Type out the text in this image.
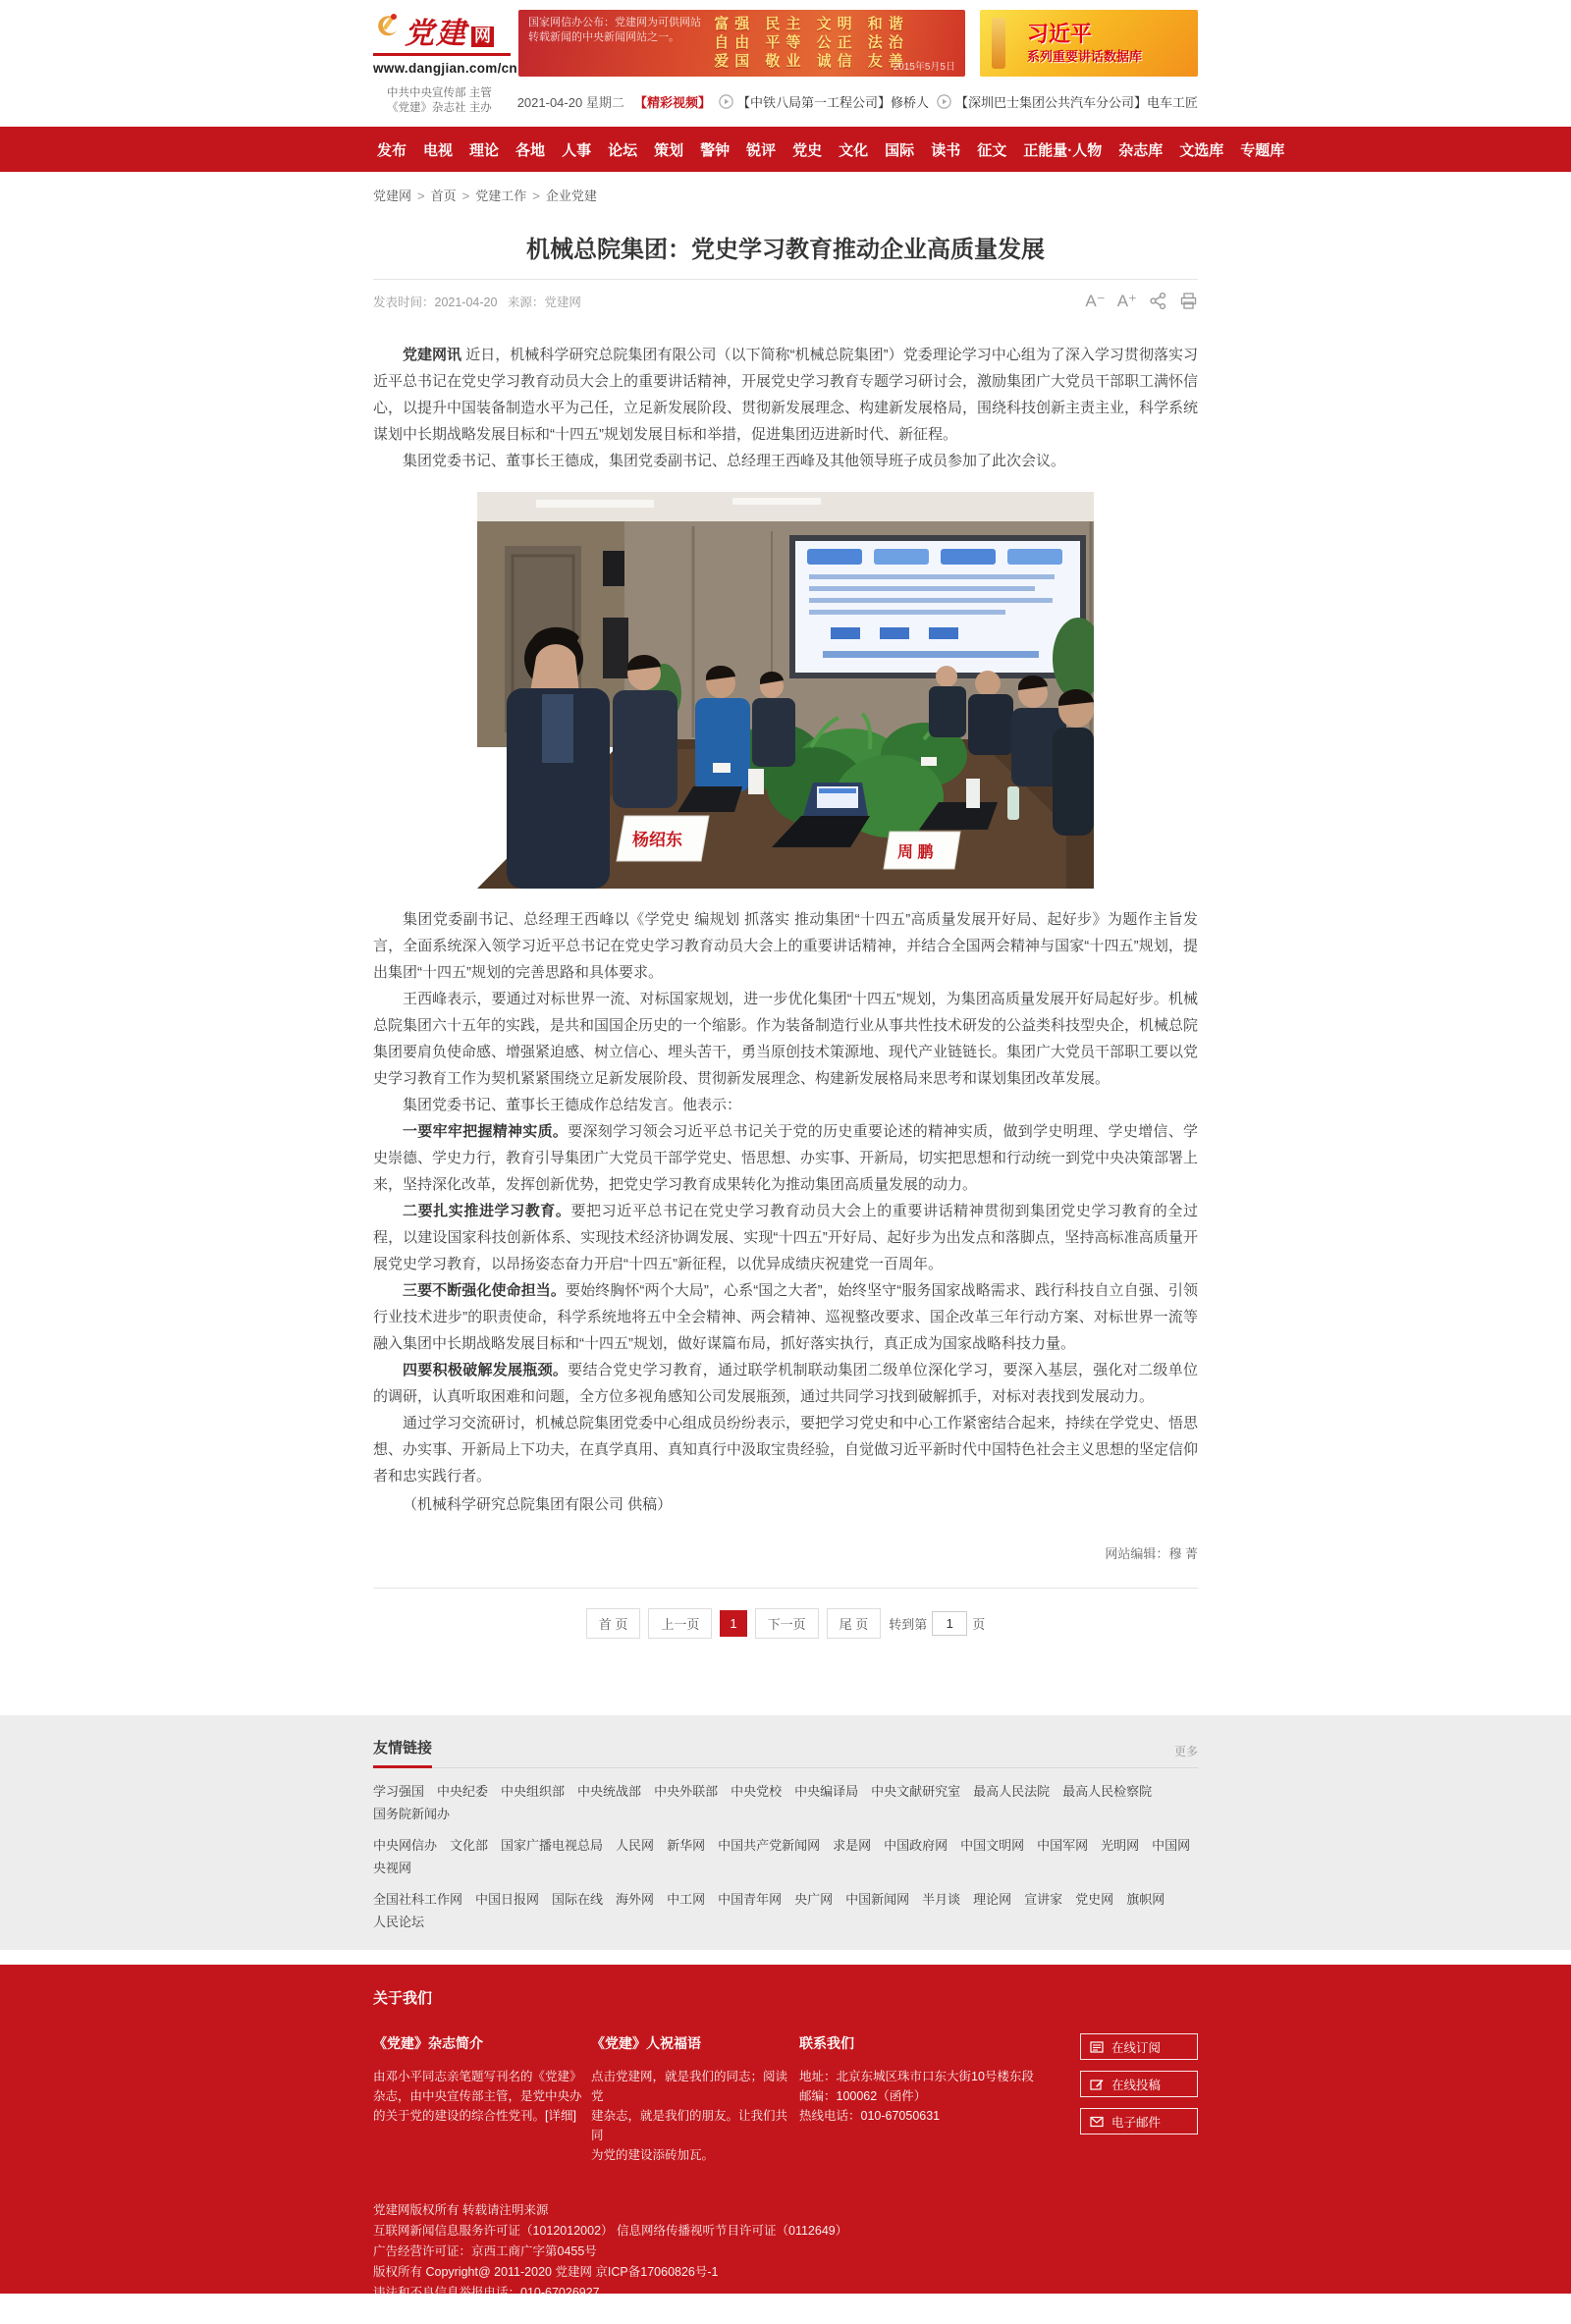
党建 网
www.dangjian.com/cn
国家网信办公布：党建网为可供网站
转载新闻的中央新闻网站之一。
富强 民主 文明 和谐
自由 平等 公正 法治
爱国 敬业 诚信 友善
2015年5月5日
习近平
系列重要讲话数据库
中共中央宣传部 主管
《党建》杂志社 主办 2021-04-20 星期二 【精彩视频】 【中铁八局第一工程公司】修桥人 【深圳巴士集团公共汽车分公司】电车工匠
发布 电视 理论 各地 人事 论坛 策划 警钟 锐评 党史 文化 国际 读书 征文 正能量·人物 杂志库 文选库 专题库
党建网 > 首页 > 党建工作 > 企业党建
机械总院集团：党史学习教育推动企业高质量发展
发表时间：2021-04-20 来源：党建网	A⁻ A⁺

党建网讯 近日，机械科学研究总院集团有限公司（以下简称“机械总院集团”）党委理论学习中心组为了深入学习贯彻落实习近平总书记在党史学习教育动员大会上的重要讲话精神，开展党史学习教育专题学习研讨会，激励集团广大党员干部职工满怀信心，以提升中国装备制造水平为己任，立足新发展阶段、贯彻新发展理念、构建新发展格局，围绕科技创新主责主业，科学系统谋划中长期战略发展目标和“十四五”规划发展目标和举措，促进集团迈进新时代、新征程。

集团党委书记、董事长王德成，集团党委副书记、总经理王西峰及其他领导班子成员参加了此次会议。

杨绍东
周 鹏

集团党委副书记、总经理王西峰以《学党史 编规划 抓落实 推动集团“十四五”高质量发展开好局、起好步》为题作主旨发言，全面系统深入领学习近平总书记在党史学习教育动员大会上的重要讲话精神，并结合全国两会精神与国家“十四五”规划，提出集团“十四五”规划的完善思路和具体要求。

王西峰表示，要通过对标世界一流、对标国家规划，进一步优化集团“十四五”规划，为集团高质量发展开好局起好步。机械总院集团六十五年的实践，是共和国国企历史的一个缩影。作为装备制造行业从事共性技术研发的公益类科技型央企，机械总院集团要肩负使命感、增强紧迫感、树立信心、埋头苦干，勇当原创技术策源地、现代产业链链长。集团广大党员干部职工要以党史学习教育工作为契机紧紧围绕立足新发展阶段、贯彻新发展理念、构建新发展格局来思考和谋划集团改革发展。

集团党委书记、董事长王德成作总结发言。他表示：

一要牢牢把握精神实质。要深刻学习领会习近平总书记关于党的历史重要论述的精神实质，做到学史明理、学史增信、学史崇德、学史力行，教育引导集团广大党员干部学党史、悟思想、办实事、开新局，切实把思想和行动统一到党中央决策部署上来，坚持深化改革，发挥创新优势，把党史学习教育成果转化为推动集团高质量发展的动力。

二要扎实推进学习教育。要把习近平总书记在党史学习教育动员大会上的重要讲话精神贯彻到集团党史学习教育的全过程，以建设国家科技创新体系、实现技术经济协调发展、实现“十四五”开好局、起好步为出发点和落脚点，坚持高标准高质量开展党史学习教育，以昂扬姿态奋力开启“十四五”新征程，以优异成绩庆祝建党一百周年。

三要不断强化使命担当。要始终胸怀“两个大局”，心系“国之大者”，始终坚守“服务国家战略需求、践行科技自立自强、引领行业技术进步”的职责使命，科学系统地将五中全会精神、两会精神、巡视整改要求、国企改革三年行动方案、对标世界一流等融入集团中长期战略发展目标和“十四五”规划，做好谋篇布局，抓好落实执行，真正成为国家战略科技力量。

四要积极破解发展瓶颈。要结合党史学习教育，通过联学机制联动集团二级单位深化学习，要深入基层，强化对二级单位的调研，认真听取困难和问题，全方位多视角感知公司发展瓶颈，通过共同学习找到破解抓手，对标对表找到发展动力。

通过学习交流研讨，机械总院集团党委中心组成员纷纷表示，要把学习党史和中心工作紧密结合起来，持续在学党史、悟思想、办实事、开新局上下功夫，在真学真用、真知真行中汲取宝贵经验，自觉做习近平新时代中国特色社会主义思想的坚定信仰者和忠实践行者。

（机械科学研究总院集团有限公司 供稿）

网站编辑：穆 菁
首 页	上一页	1	下一页	尾 页	转到第
1	页
友情链接	更多
学习强国 中央纪委 中央组织部 中央统战部 中央外联部 中央党校 中央编译局 中央文献研究室 最高人民法院 最高人民检察院
国务院新闻办
中央网信办 文化部 国家广播电视总局 人民网 新华网 中国共产党新闻网 求是网 中国政府网 中国文明网 中国军网 光明网 中国网
央视网
全国社科工作网 中国日报网 国际在线 海外网 中工网 中国青年网 央广网 中国新闻网 半月谈 理论网 宣讲家 党史网 旗帜网
人民论坛
关于我们
《党建》杂志简介
由邓小平同志亲笔题写刊名的《党建》
杂志，由中央宣传部主管，是党中央办
的关于党的建设的综合性党刊。[详细]
《党建》人祝福语
点击党建网，就是我们的同志；阅读党
建杂志，就是我们的朋友。让我们共同
为党的建设添砖加瓦。
联系我们
地址：北京东城区珠市口东大街10号楼东段
邮编：100062（函件）
热线电话：010-67050631
在线订阅
在线投稿
电子邮件
党建网版权所有 转载请注明来源
互联网新闻信息服务许可证（1012012002） 信息网络传播视听节目许可证（0112649）
广告经营许可证：京西工商广字第0455号
版权所有 Copyright@ 2011-2020 党建网 京ICP备17060826号-1
违法和不良信息举报电话：010-67026927
技术支持：中国文明网
